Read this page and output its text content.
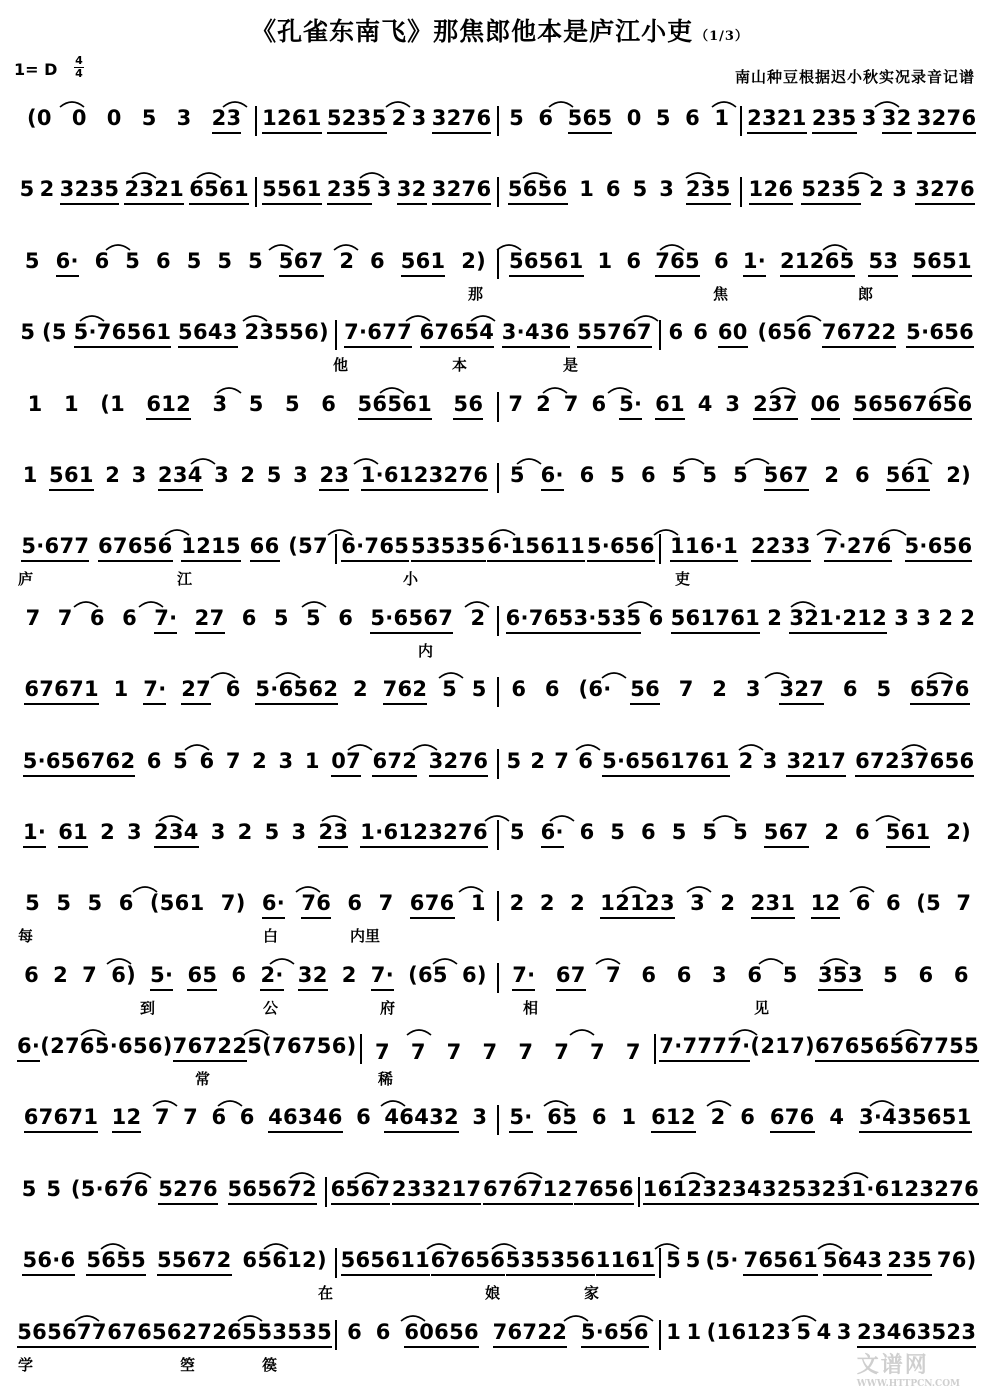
《孔雀东南飞》那焦郎他本是庐江小吏 （1/3）
1= D 4
4	南山种豆根据迟小秋实况录音记谱
(0 0 0 5 3 23 1261 5235 2 3 3276 5 6 565 0 5 6 1 2321 235 3 32 3276
5 2 3235 2321 6561 5561 235 3 32 3276 5656 1 6 5 3 235 126 5235 2 3 3276
5 6· 6 5 6 5 5 5 567 2 6 561 2) 56561 1 6 765 6 1· 21265 53 5651
那	焦	郎
5 (5 5·76561 5643 23556) 7·677 67654 3·436 55767 6 6 60 (656 76722 5·656
他	本	是
1 1 (1 612 3 5 5 6 56561 56 7 2 7 6 5· 61 4 3 237 06 56567656
1 561 2 3 234 3 2 5 3 23 1·6123276 5 6· 6 5 6 5 5 5 567 2 6 561 2)
5·677 67656 1215 66 (57 6·765 53535 6·15611 5·656 116·1 2233 7·276 5·656
庐	江	小	吏
7 7 6 6 7· 27 6 5 5 6 5·6567 2 6·7653·535 6 561761 2 321·212 3 3 2 2
内
67671 1 7· 27 6 5·6562 2 762 5 5 6 6 (6· 56 7 2 3 327 6 5 6576
5·656762 6 5 6 7 2 3 1 07 672 3276 5 2 7 6 5·6561761 2 3 3217 67237656
1· 61 2 3 234 3 2 5 3 23 1·6123276 5 6· 6 5 6 5 5 5 567 2 6 561 2)
5 5 5 6 (561 7) 6· 76 6 7 676 1 2 2 2 12123 3 2 231 12 6 6 (5 7
每	白	内里
6 2 7 6) 5· 65 6 2· 32 2 7· (65 6) 7· 67 7 6 6 3 6 5 353 5 6 6
到	公	府	相	见
6· (276 5·656) 76722 5 (76756) 7 7 7 7 7 7 7 7 7·777 7· (217) 6765656 7755
常	稀
67671 12 7 7 6 6 46346 6 46432 3 5· 65 6 1 612 2 6 676 4 3·435651
5 5 (5·676 5276 565672 6567 233217 676712 7656 1612 32343 25323 1·6123276
56·6 5655 55672 65612) 565611 67656 535356 1161 5 5 (5· 76561 5643 235 76)
在	娘	家
565677 67656 27265 53535 6 6 60656 76722 5·656 1 1 (16123 5 4 3 23463523
学	箜	篌	文谱网
WWW.HTTPCN.COM
